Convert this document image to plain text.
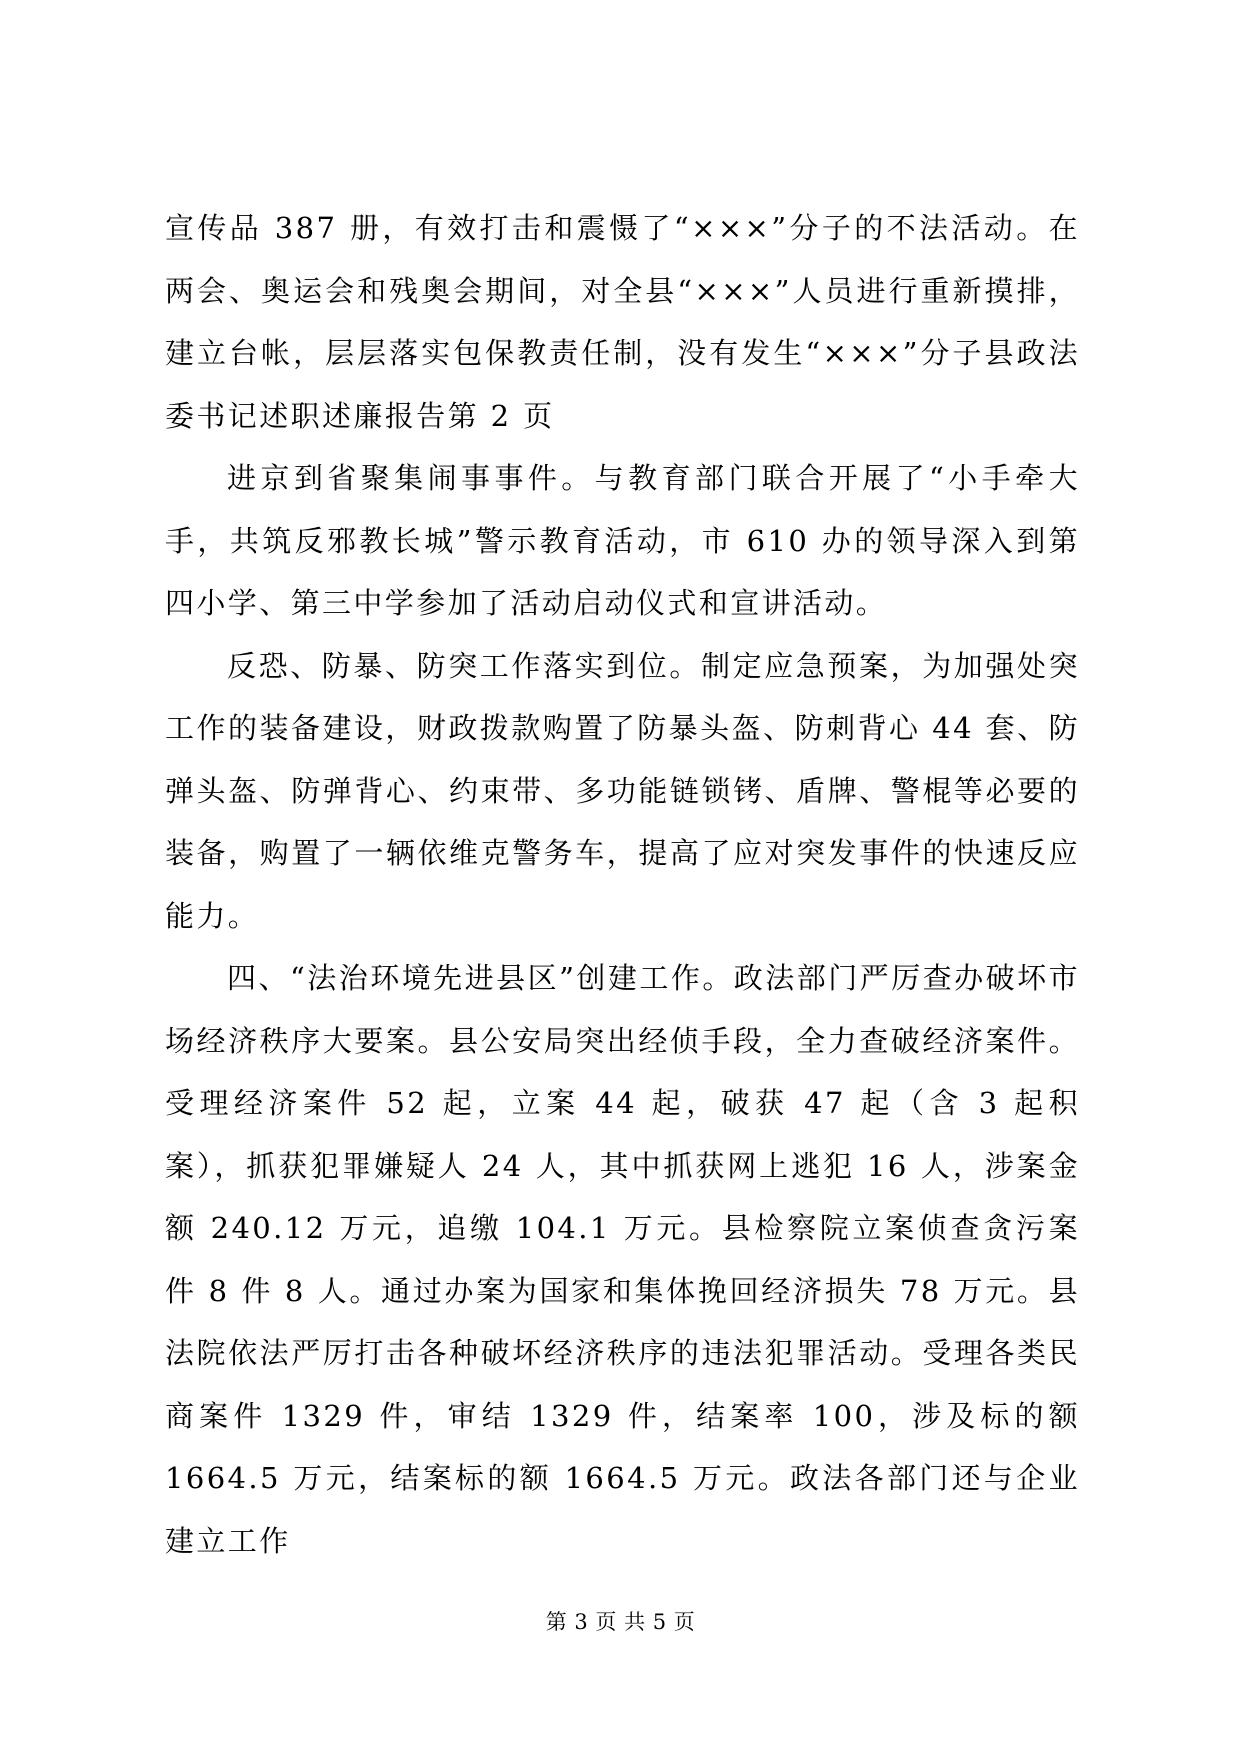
宣传品 387 册，有效打击和震慑了“×××”分子的不法活动。在两会、奥运会和残奥会期间，对全县“×××”人员进行重新摸排，建立台帐，层层落实包保教责任制，没有发生“×××”分子县政法委书记述职述廉报告第 2 页

进京到省聚集闹事事件。与教育部门联合开展了“小手牵大手，共筑反邪教长城”警示教育活动，市 610 办的领导深入到第四小学、第三中学参加了活动启动仪式和宣讲活动。

反恐、防暴、防突工作落实到位。制定应急预案，为加强处突工作的装备建设，财政拨款购置了防暴头盔、防刺背心 44 套、防弹头盔、防弹背心、约束带、多功能链锁铐、盾牌、警棍等必要的装备，购置了一辆依维克警务车，提高了应对突发事件的快速反应能力。

四、“法治环境先进县区”创建工作。政法部门严厉查办破坏市场经济秩序大要案。县公安局突出经侦手段，全力查破经济案件。受理经济案件 52 起，立案 44 起，破获 47 起（含 3 起积案），抓获犯罪嫌疑人 24 人，其中抓获网上逃犯 16 人，涉案金额 240.12 万元，追缴 104.1 万元。县检察院立案侦查贪污案件 8 件 8 人。通过办案为国家和集体挽回经济损失 78 万元。县法院依法严厉打击各种破坏经济秩序的违法犯罪活动。受理各类民商案件 1329 件，审结 1329 件，结案率 100，涉及标的额 1664.5 万元，结案标的额 1664.5 万元。政法各部门还与企业建立工作

第 3 页 共 5 页
